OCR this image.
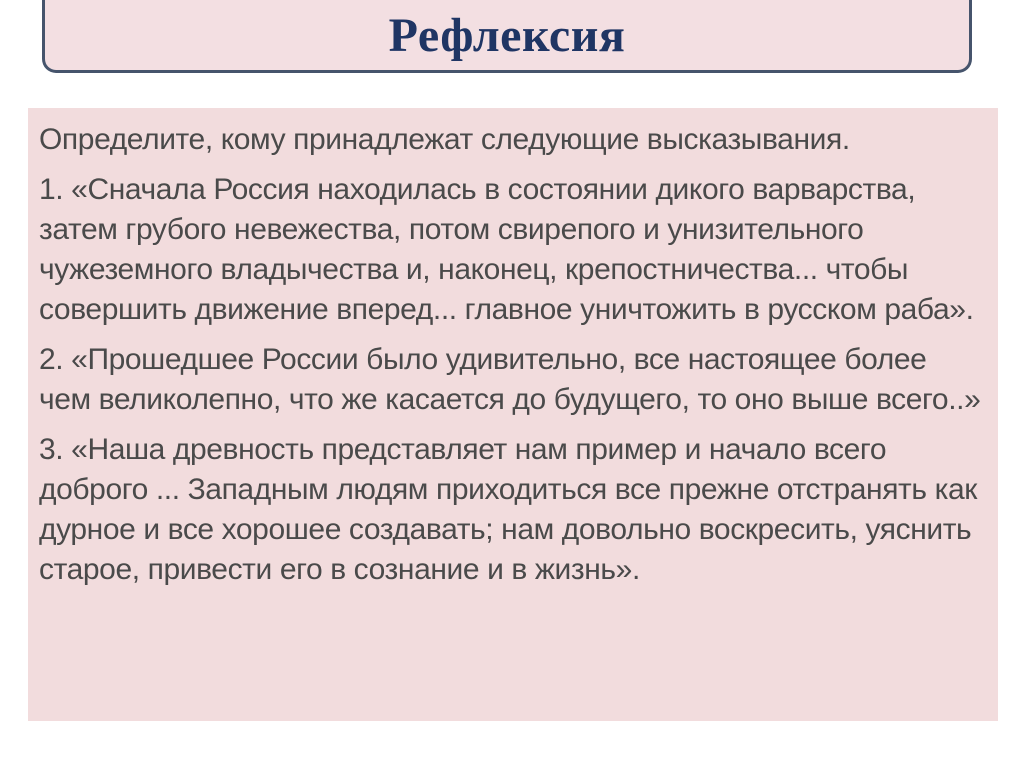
Рефлексия

Определите, кому принадлежат следующие высказывания.

1. «Сначала Россия находилась в состоянии дикого варварства, затем грубого невежества, потом свирепого и унизительного чужеземного владычества и, наконец, крепостничества... чтобы совершить движение вперед... главное уничтожить в русском раба».

2. «Прошедшее России было удивительно, все настоящее более чем великолепно, что же касается до будущего, то оно выше всего..»

3. «Наша древность представляет нам пример и начало всего доброго ... Западным людям приходиться все прежне отстранять как дурное и все хорошее создавать; нам довольно воскресить, уяснить старое, привести его в сознание и в жизнь».
